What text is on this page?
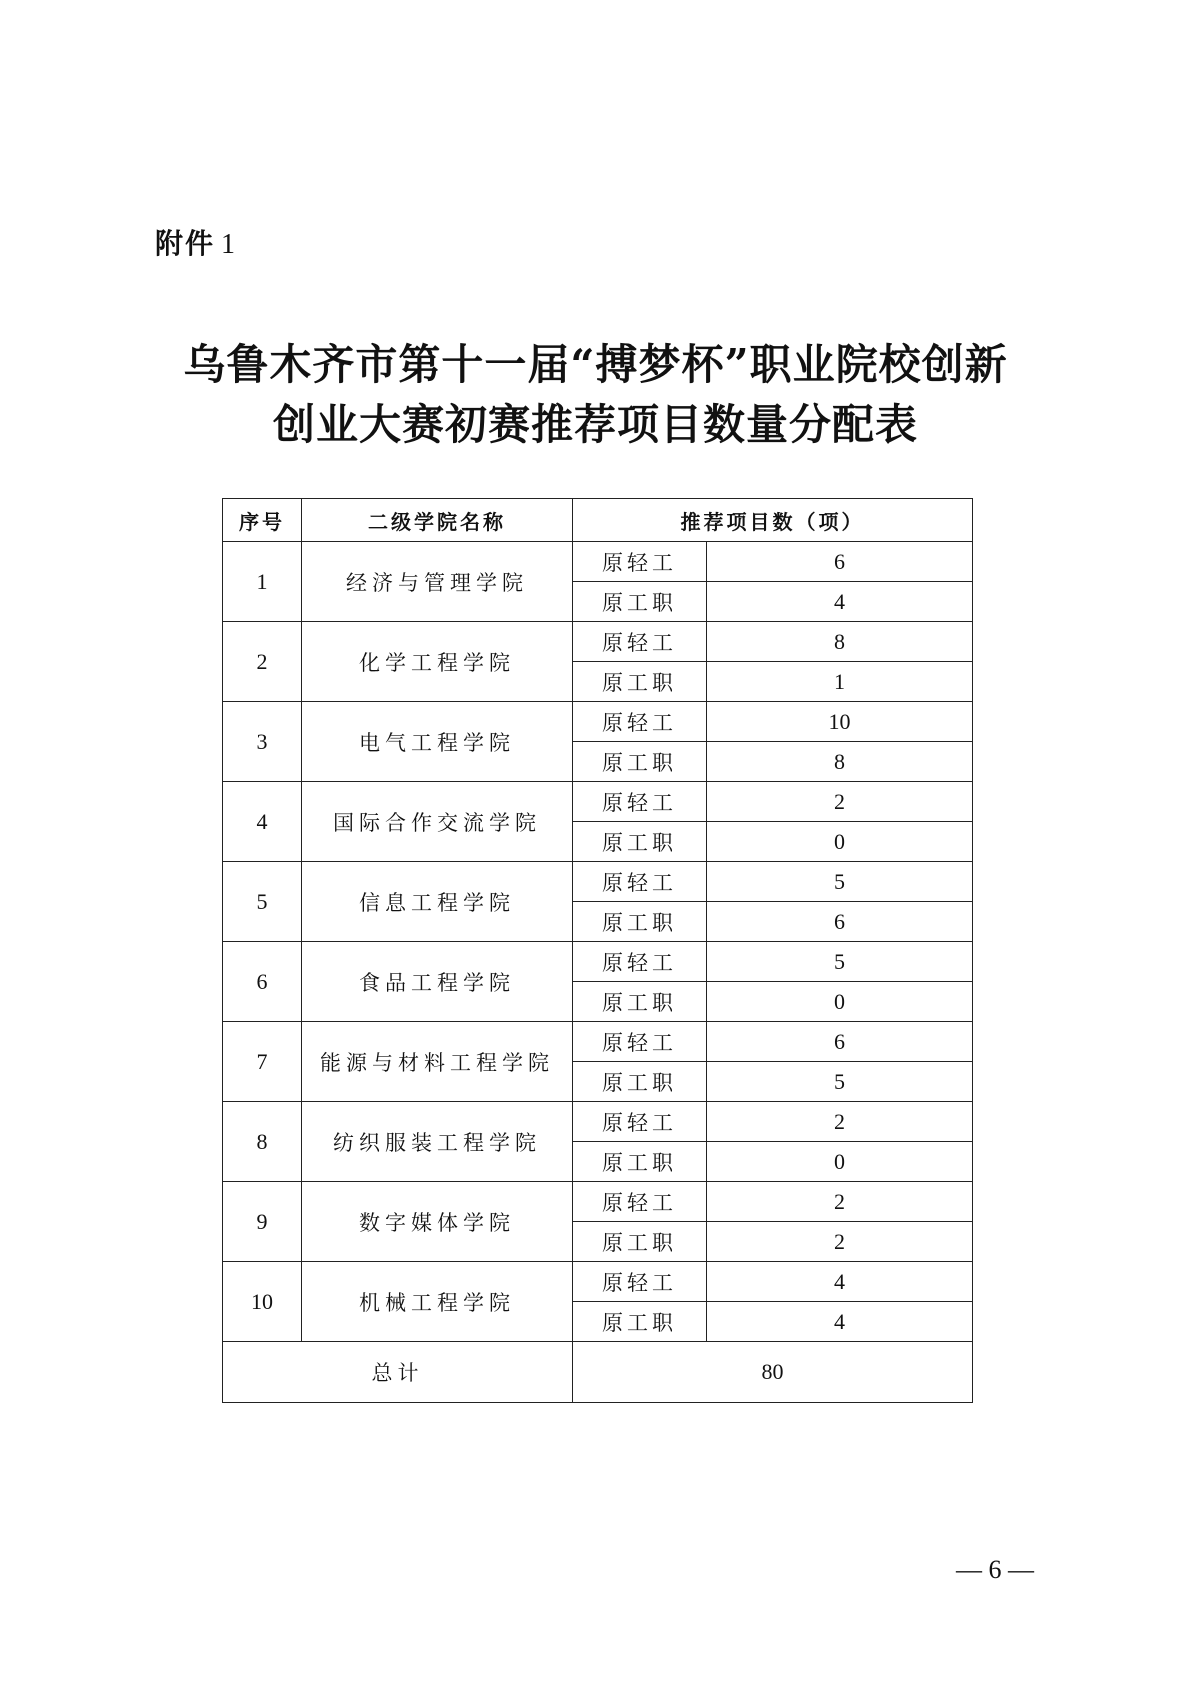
附件 1
乌鲁木齐市第十一届“搏梦杯”职业院校创新
创业大赛初赛推荐项目数量分配表
序号	二级学院名称	推荐项目数（项）	
1	经济与管理学院	原轻工	6
		原工职	4
2	化学工程学院	原轻工	8
		原工职	1
3	电气工程学院	原轻工	10
		原工职	8
4	国际合作交流学院	原轻工	2
		原工职	0
5	信息工程学院	原轻工	5
		原工职	6
6	食品工程学院	原轻工	5
		原工职	0
7	能源与材料工程学院	原轻工	6
		原工职	5
8	纺织服装工程学院	原轻工	2
		原工职	0
9	数字媒体学院	原轻工	2
		原工职	2
10	机械工程学院	原轻工	4
		原工职	4
总计		80	
— 6 —
